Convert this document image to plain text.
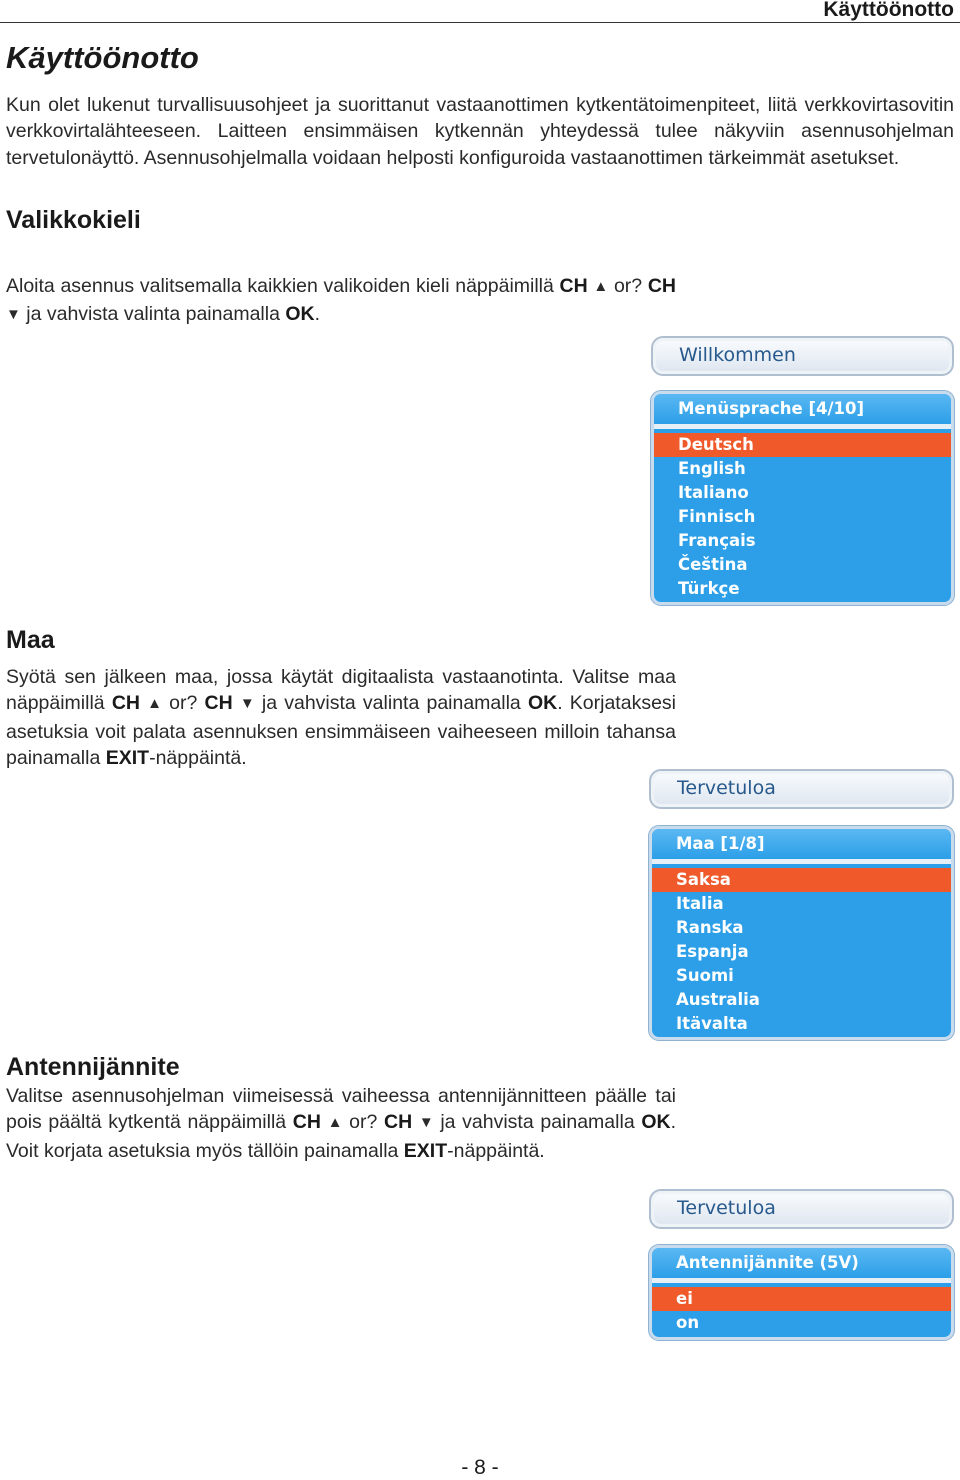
Käyttöönotto
Käyttöönotto

Kun olet lukenut turvallisuusohjeet ja suorittanut vastaanottimen kytkentätoimenpiteet, liitä verkkovirtasovitin verkkovirtalähteeseen. Laitteen ensimmäisen kytkennän yhteydessä tulee näkyviin asennusohjelman tervetulonäyttö. Asennusohjelmalla voidaan helposti konfiguroida vastaanottimen tärkeimmät asetukset.

Valikkokieli

Aloita asennus valitsemalla kaikkien valikoiden kieli näppäimillä CH ▲ or? CH ▼ ja vahvista valinta painamalla OK.

Willkommen
Menüsprache [4/10]
Deutsch
English
Italiano
Finnisch
Français
Čeština
Türkçe
Maa

Syötä sen jälkeen maa, jossa käytät digitaalista vastaanotinta. Valitse maa näppäimillä CH ▲ or? CH ▼ ja vahvista valinta painamalla OK. Korjataksesi asetuksia voit palata asennuksen ensimmäiseen vaiheeseen milloin tahansa painamalla EXIT-näppäintä.

Tervetuloa
Maa [1/8]
Saksa
Italia
Ranska
Espanja
Suomi
Australia
Itävalta
Antennijännite

Valitse asennusohjelman viimeisessä vaiheessa antennijännitteen päälle tai pois päältä kytkentä näppäimillä CH ▲ or? CH ▼ ja vahvista painamalla OK. Voit korjata asetuksia myös tällöin painamalla EXIT-näppäintä.

Tervetuloa
Antennijännite (5V)
ei
on
- 8 -
